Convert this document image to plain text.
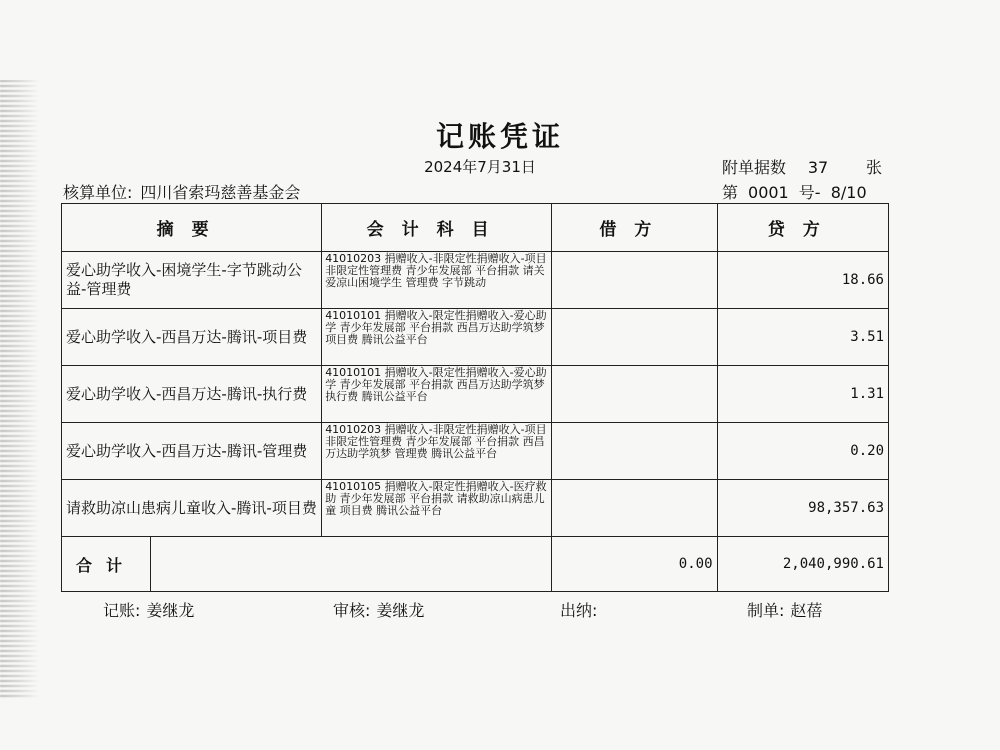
记账凭证
2024年7月31日	附单据数 37 张
核算单位: 四川省索玛慈善基金会	第 0001 号- 8/10
摘要	会计科目	借方	贷方
爱心助学收入-困境学生-字节跳动公益-管理费	41010203 捐赠收入-非限定性捐赠收入-项目非限定性管理费 青少年发展部 平台捐款 请关爱凉山困境学生 管理费 字节跳动		18.66
爱心助学收入-西昌万达-腾讯-项目费	41010101 捐赠收入-限定性捐赠收入-爱心助学 青少年发展部 平台捐款 西昌万达助学筑梦 项目费 腾讯公益平台		3.51
爱心助学收入-西昌万达-腾讯-执行费	41010101 捐赠收入-限定性捐赠收入-爱心助学 青少年发展部 平台捐款 西昌万达助学筑梦 执行费 腾讯公益平台		1.31
爱心助学收入-西昌万达-腾讯-管理费	41010203 捐赠收入-非限定性捐赠收入-项目非限定性管理费 青少年发展部 平台捐款 西昌万达助学筑梦 管理费 腾讯公益平台		0.20
请救助凉山患病儿童收入-腾讯-项目费	41010105 捐赠收入-限定性捐赠收入-医疗救助 青少年发展部 平台捐款 请救助凉山病患儿童 项目费 腾讯公益平台		98,357.63

合计		0.00	2,040,990.61
记账: 姜继龙	审核: 姜继龙	出纳:	制单: 赵蓓
